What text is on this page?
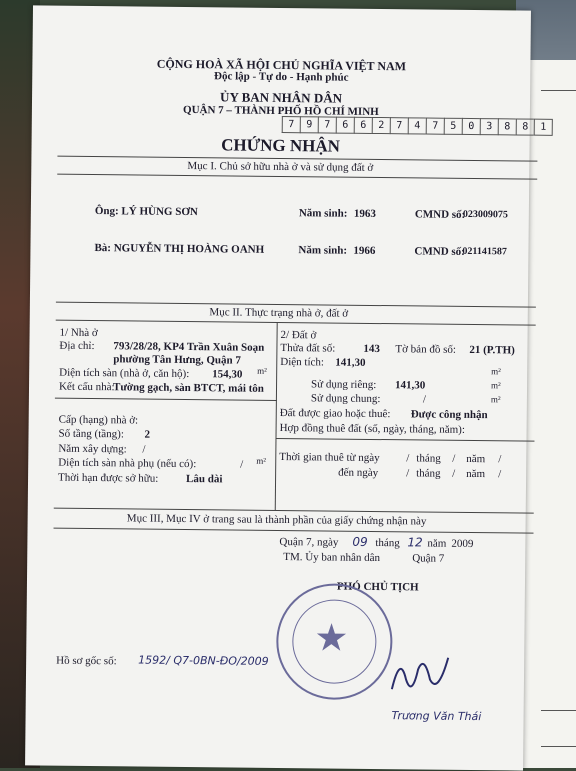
CỘNG HOÀ XÃ HỘI CHỦ NGHĨA VIỆT NAM
Độc lập - Tự do - Hạnh phúc
ỦY BAN NHÂN DÂN
QUẬN 7 – THÀNH PHỐ HỒ CHÍ MINH
7	9	7	6	6	2	7	4	7	5	0	3	8	8	1
CHỨNG NHẬN
Mục I. Chủ sở hữu nhà ở và sử dụng đất ở
Ông: LÝ HÙNG SƠN	Năm sinh: 1963	CMND số:
023009075
Bà: NGUYỄN THỊ HOÀNG OANH	Năm sinh: 1966	CMND số:
021141587
Mục II. Thực trạng nhà ở, đất ở
1/ Nhà ở
Địa chỉ: 793/28/28, KP4 Trần Xuân Soạn
phường Tân Hưng, Quận 7
Diện tích sàn (nhà ở, căn hộ): 154,30 m²
Kết cấu nhà:
Tường gạch, sàn BTCT, mái tôn
Cấp (hạng) nhà ở:
Số tầng (tầng): 2
Năm xây dựng: /
Diện tích sàn nhà phụ (nếu có):	/ m²
Thời hạn được sở hữu:	Lâu dài
2/ Đất ở
Thửa đất số:	143 Tờ bản đồ số: 21 (P.TH)
Diện tích: 141,30
m²
Sử dụng riêng: 141,30	m²
Sử dụng chung:	/	m²
Đất được giao hoặc thuê: Được công nhận
Hợp đồng thuê đất (số, ngày, tháng, năm):
Thời gian thuê từ ngày / tháng / năm /
đến ngày	/ tháng / năm /
Mục III, Mục IV ở trang sau là thành phần của giấy chứng nhận này
Quận 7, ngày 09 tháng 12 năm 2009
TM. Ủy ban nhân dân	Quận 7
PHÓ CHỦ TỊCH
★
Trương Văn Thái
Hồ sơ gốc số: 1592/ Q7-0BN-ĐO/2009
